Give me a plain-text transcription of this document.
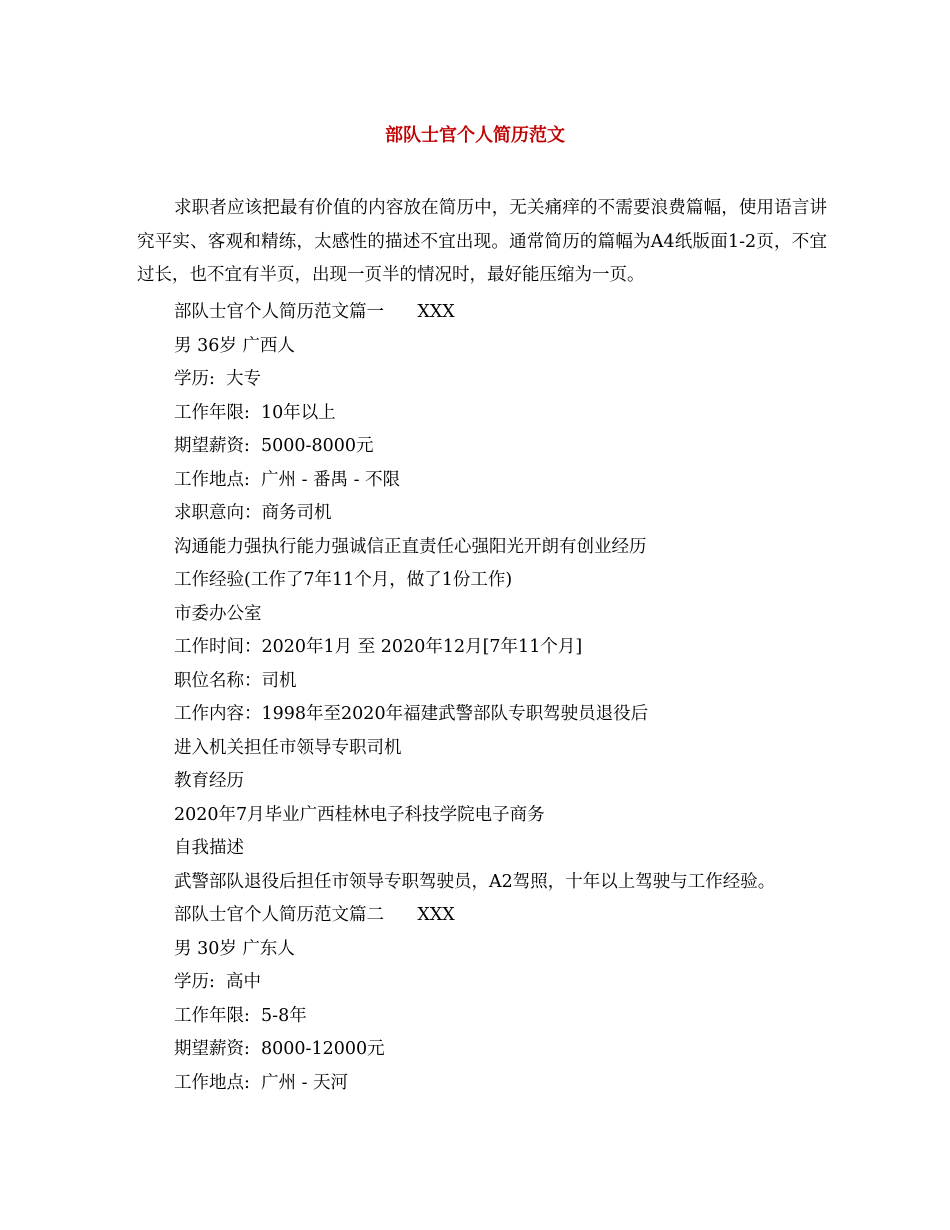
部队士官个人简历范文
求职者应该把最有价值的内容放在简历中，无关痛痒的不需要浪费篇幅，使用语言讲究平实、客观和精练，太感性的描述不宜出现。通常简历的篇幅为A4纸版面1-2页，不宜过长，也不宜有半页，出现一页半的情况时，最好能压缩为一页。
部队士官个人简历范文篇一      XXX
男 36岁 广西人
学历:  大专
工作年限:  10年以上
期望薪资:  5000-8000元
工作地点:  广州 - 番禺 - 不限
求职意向：商务司机
沟通能力强执行能力强诚信正直责任心强阳光开朗有创业经历
工作经验(工作了7年11个月，做了1份工作)
市委办公室
工作时间：2020年1月 至 2020年12月[7年11个月]
职位名称：司机
工作内容：1998年至2020年福建武警部队专职驾驶员退役后
进入机关担任市领导专职司机
教育经历
2020年7月毕业广西桂林电子科技学院电子商务
自我描述
武警部队退役后担任市领导专职驾驶员，A2驾照，十年以上驾驶与工作经验。
部队士官个人简历范文篇二      XXX
男 30岁 广东人
学历:  高中
工作年限:  5-8年
期望薪资:  8000-12000元
工作地点:  广州 - 天河
